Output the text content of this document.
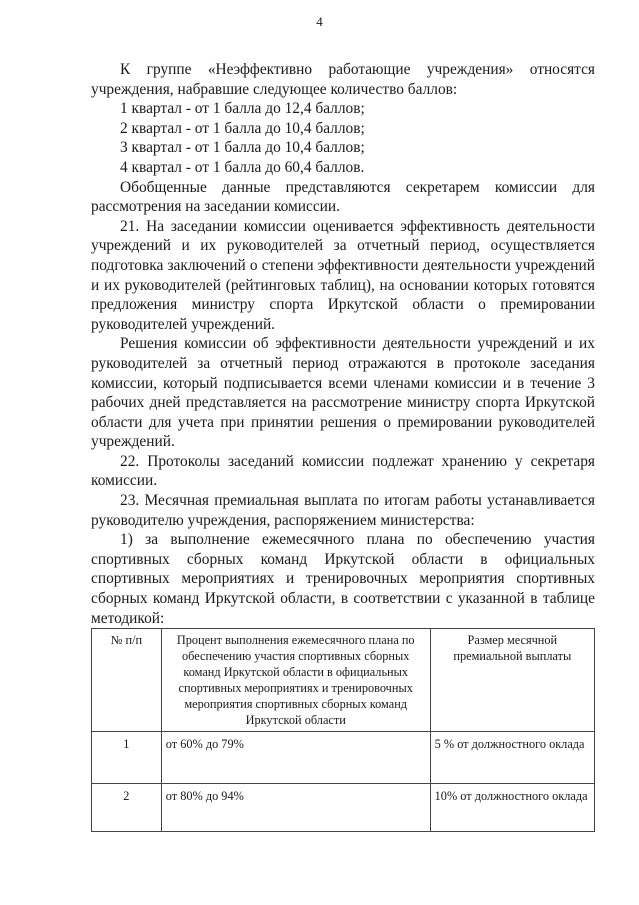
4

К группе «Неэффективно работающие учреждения» относятся учреждения, набравшие следующее количество баллов:

1 квартал - от 1 балла до 12,4 баллов;

2 квартал - от 1 балла до 10,4 баллов;

3 квартал - от 1 балла до 10,4 баллов;

4 квартал - от 1 балла до 60,4 баллов.

Обобщенные данные представляются секретарем комиссии для рассмотрения на заседании комиссии.

21. На заседании комиссии оценивается эффективность деятельности учреждений и их руководителей за отчетный период, осуществляется подготовка заключений о степени эффективности деятельности учреждений и их руководителей (рейтинговых таблиц), на основании которых готовятся предложения министру спорта Иркутской области о премировании руководителей учреждений.

Решения комиссии об эффективности деятельности учреждений и их руководителей за отчетный период отражаются в протоколе заседания комиссии, который подписывается всеми членами комиссии и в течение 3 рабочих дней представляется на рассмотрение министру спорта Иркутской области для учета при принятии решения о премировании руководителей учреждений.

22. Протоколы заседаний комиссии подлежат хранению у секретаря комиссии.

23. Месячная премиальная выплата по итогам работы устанавливается руководителю учреждения, распоряжением министерства:

1) за выполнение ежемесячного плана по обеспечению участия спортивных сборных команд Иркутской области в официальных спортивных мероприятиях и тренировочных мероприятия спортивных сборных команд Иркутской области, в соответствии с указанной в таблице методикой:

№ п/п	Процент выполнения ежемесячного плана по обеспечению участия спортивных сборных команд Иркутской области в официальных спортивных мероприятиях и тренировочных мероприятия спортивных сборных команд Иркутской области	Размер месячной премиальной выплаты
1	от 60% до 79%	5 % от должностного оклада
2	от 80% до 94%	10% от должностного оклада
